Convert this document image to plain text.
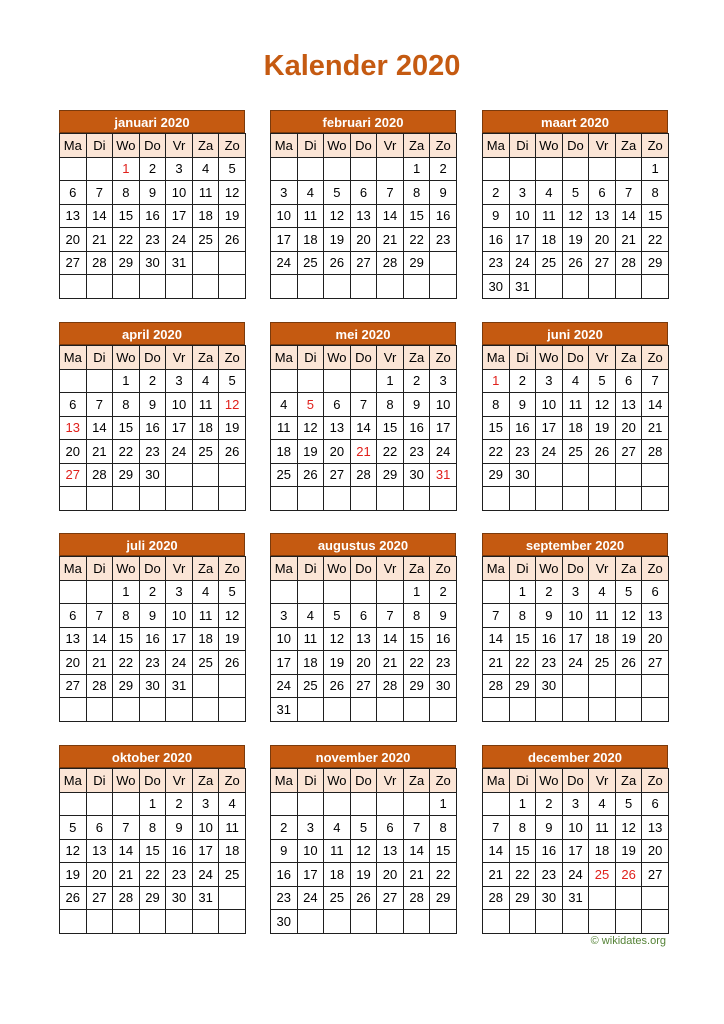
Kalender 2020
januari 2020
Ma	Di	Wo	Do	Vr	Za	Zo
		1	2	3	4	5
6	7	8	9	10	11	12
13	14	15	16	17	18	19
20	21	22	23	24	25	26
27	28	29	30	31		

februari 2020
Ma	Di	Wo	Do	Vr	Za	Zo
					1	2
3	4	5	6	7	8	9
10	11	12	13	14	15	16
17	18	19	20	21	22	23
24	25	26	27	28	29	

maart 2020
Ma	Di	Wo	Do	Vr	Za	Zo
						1
2	3	4	5	6	7	8
9	10	11	12	13	14	15
16	17	18	19	20	21	22
23	24	25	26	27	28	29
30	31					
april 2020
Ma	Di	Wo	Do	Vr	Za	Zo
		1	2	3	4	5
6	7	8	9	10	11	12
13	14	15	16	17	18	19
20	21	22	23	24	25	26
27	28	29	30			

mei 2020
Ma	Di	Wo	Do	Vr	Za	Zo
				1	2	3
4	5	6	7	8	9	10
11	12	13	14	15	16	17
18	19	20	21	22	23	24
25	26	27	28	29	30	31

juni 2020
Ma	Di	Wo	Do	Vr	Za	Zo
1	2	3	4	5	6	7
8	9	10	11	12	13	14
15	16	17	18	19	20	21
22	23	24	25	26	27	28
29	30					

juli 2020
Ma	Di	Wo	Do	Vr	Za	Zo
		1	2	3	4	5
6	7	8	9	10	11	12
13	14	15	16	17	18	19
20	21	22	23	24	25	26
27	28	29	30	31		

augustus 2020
Ma	Di	Wo	Do	Vr	Za	Zo
					1	2
3	4	5	6	7	8	9
10	11	12	13	14	15	16
17	18	19	20	21	22	23
24	25	26	27	28	29	30
31						
september 2020
Ma	Di	Wo	Do	Vr	Za	Zo
	1	2	3	4	5	6
7	8	9	10	11	12	13
14	15	16	17	18	19	20
21	22	23	24	25	26	27
28	29	30				

oktober 2020
Ma	Di	Wo	Do	Vr	Za	Zo
			1	2	3	4
5	6	7	8	9	10	11
12	13	14	15	16	17	18
19	20	21	22	23	24	25
26	27	28	29	30	31	

november 2020
Ma	Di	Wo	Do	Vr	Za	Zo
						1
2	3	4	5	6	7	8
9	10	11	12	13	14	15
16	17	18	19	20	21	22
23	24	25	26	27	28	29
30						
december 2020
Ma	Di	Wo	Do	Vr	Za	Zo
	1	2	3	4	5	6
7	8	9	10	11	12	13
14	15	16	17	18	19	20
21	22	23	24	25	26	27
28	29	30	31			

© wikidates.org
